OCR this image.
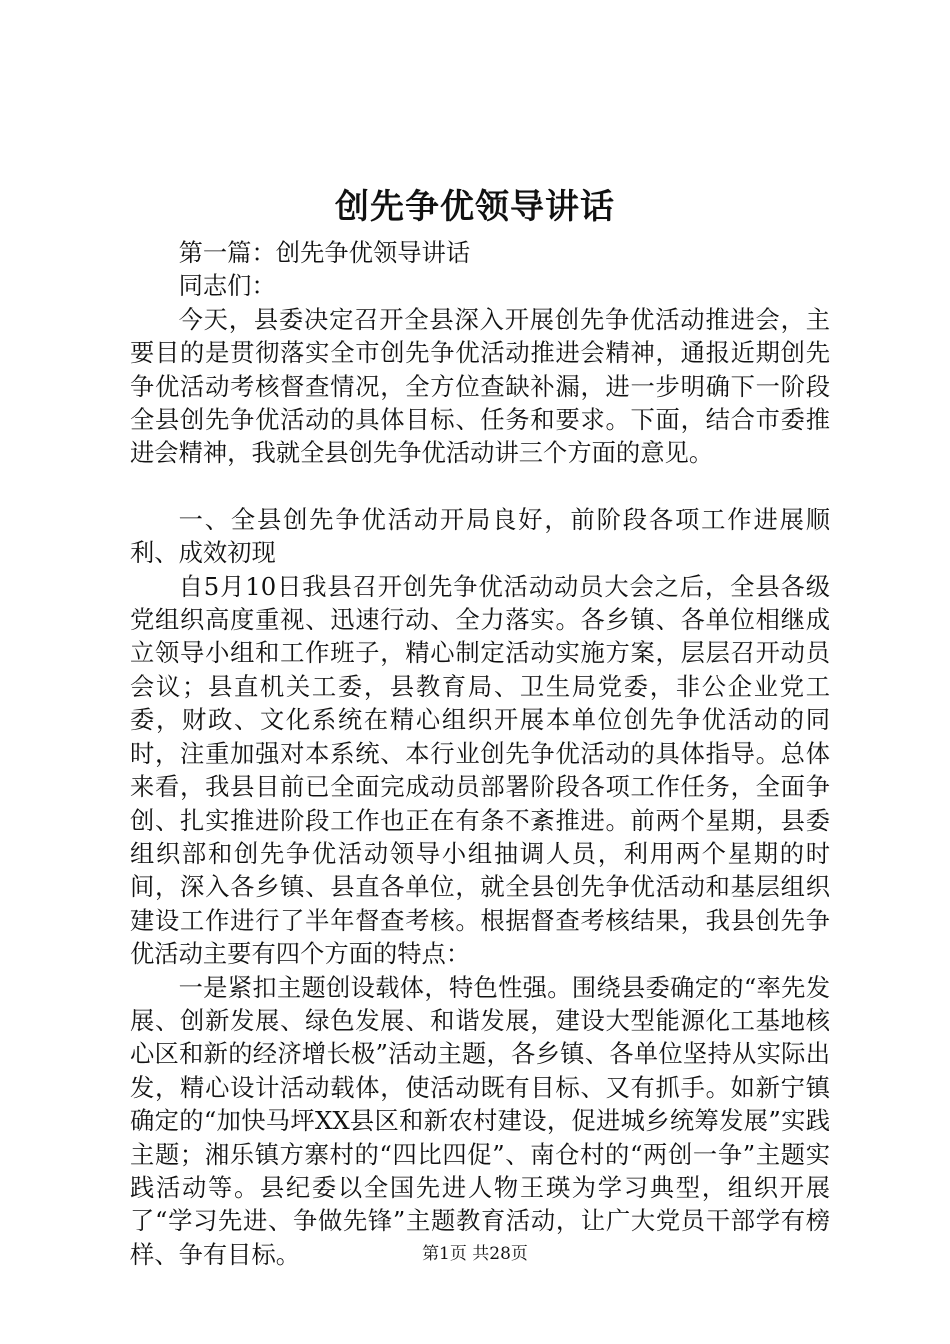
创先争优领导讲话

第一篇：创先争优领导讲话

同志们：

今天，县委决定召开全县深入开展创先争优活动推进会，主要目的是贯彻落实全市创先争优活动推进会精神，通报近期创先争优活动考核督查情况，全方位查缺补漏，进一步明确下一阶段全县创先争优活动的具体目标、任务和要求。下面，结合市委推进会精神，我就全县创先争优活动讲三个方面的意见。

一、全县创先争优活动开局良好，前阶段各项工作进展顺利、成效初现

自5月10日我县召开创先争优活动动员大会之后，全县各级党组织高度重视、迅速行动、全力落实。各乡镇、各单位相继成立领导小组和工作班子，精心制定活动实施方案，层层召开动员会议；县直机关工委，县教育局、卫生局党委，非公企业党工委，财政、文化系统在精心组织开展本单位创先争优活动的同时，注重加强对本系统、本行业创先争优活动的具体指导。总体来看，我县目前已全面完成动员部署阶段各项工作任务，全面争创、扎实推进阶段工作也正在有条不紊推进。前两个星期，县委组织部和创先争优活动领导小组抽调人员，利用两个星期的时间，深入各乡镇、县直各单位，就全县创先争优活动和基层组织建设工作进行了半年督查考核。根据督查考核结果，我县创先争优活动主要有四个方面的特点：

一是紧扣主题创设载体，特色性强。围绕县委确定的“率先发展、创新发展、绿色发展、和谐发展，建设大型能源化工基地核心区和新的经济增长极”活动主题，各乡镇、各单位坚持从实际出发，精心设计活动载体，使活动既有目标、又有抓手。如新宁镇确定的“加快马坪XX县区和新农村建设，促进城乡统筹发展”实践主题；湘乐镇方寨村的“四比四促”、南仓村的“两创一争”主题实践活动等。县纪委以全国先进人物王瑛为学习典型，组织开展了“学习先进、争做先锋”主题教育活动，让广大党员干部学有榜样、争有目标。	第1页 共28页
